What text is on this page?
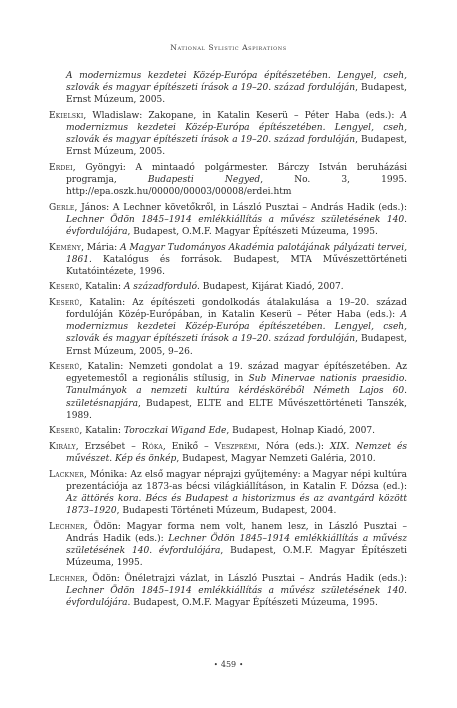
National Sylistic Aspirations
A modernizmus kezdetei Közép-Európa építészetében. Lengyel, cseh, szlovák és magyar építészeti írások a 19–20. század fordulóján, Budapest, Ernst Múzeum, 2005.
Ekielski, Wladislaw: Zakopane, in Katalin Keserü – Péter Haba (eds.): A modernizmus kezdetei Közép-Európa építészetében. Lengyel, cseh, szlovák és magyar építészeti írások a 19–20. század fordulóján, Budapest, Ernst Múzeum, 2005.
Erdei, Gyöngyi: A mintaadó polgármester. Bárczy István beruházási programja, Budapesti Negyed, No. 3, 1995. http://epa.oszk.hu/00000/00003/00008/erdei.htm
Gerle, János: A Lechner követőkről, in László Pusztai – András Hadik (eds.): Lechner Ödön 1845–1914 emlékkiállítás a művész születésének 140. évfordulójára, Budapest, O.M.F. Magyar Építészeti Múzeuma, 1995.
Kemény, Mária: A Magyar Tudományos Akadémia palotájának pályázati tervei, 1861. Katalógus és források. Budapest, MTA Művészettörténeti Kutatóintézete, 1996.
Keserü, Katalin: A századforduló. Budapest, Kijárat Kiadó, 2007.
Keserü, Katalin: Az építészeti gondolkodás átalakulása a 19–20. század fordulóján Közép-Európában, in Katalin Keserü – Péter Haba (eds.): A modernizmus kezdetei Közép-Európa építészetében. Lengyel, cseh, szlovák és magyar építészeti írások a 19–20. század fordulóján, Budapest, Ernst Múzeum, 2005, 9–26.
Keserü, Katalin: Nemzeti gondolat a 19. század magyar építészetében. Az egyetemestől a regionális stílusig, in Sub Minervae nationis praesidio. Tanulmányok a nemzeti kultúra kérdésköréből Németh Lajos 60. születésnapjára, Budapest, ELTE and ELTE Művészettörténeti Tanszék, 1989.
Keserü, Katalin: Toroczkai Wigand Ede, Budapest, Holnap Kiadó, 2007.
Király, Erzsébet – Róka, Enikő – Veszprémi, Nóra (eds.): XIX. Nemzet és művészet. Kép és önkép, Budapest, Magyar Nemzeti Galéria, 2010.
Lackner, Mónika: Az első magyar néprajzi gyűjtemény: a Magyar népi kultúra prezentációja az 1873-as bécsi világkiállításon, in Katalin F. Dózsa (ed.): Az ättörés kora. Bécs és Budapest a historizmus és az avantgárd között 1873–1920, Budapesti Történeti Múzeum, Budapest, 2004.
Lechner, Ödön: Magyar forma nem volt, hanem lesz, in László Pusztai – András Hadik (eds.): Lechner Ödön 1845–1914 emlékkiállítás a művész születésének 140. évfordulójára, Budapest, O.M.F. Magyar Építészeti Múzeuma, 1995.
Lechner, Ödön: Önéletrajzi vázlat, in László Pusztai – András Hadik (eds.): Lechner Ödön 1845–1914 emlékkiállítás a művész születésének 140. évfordulójára. Budapest, O.M.F. Magyar Építészeti Múzeuma, 1995.
• 459 •
